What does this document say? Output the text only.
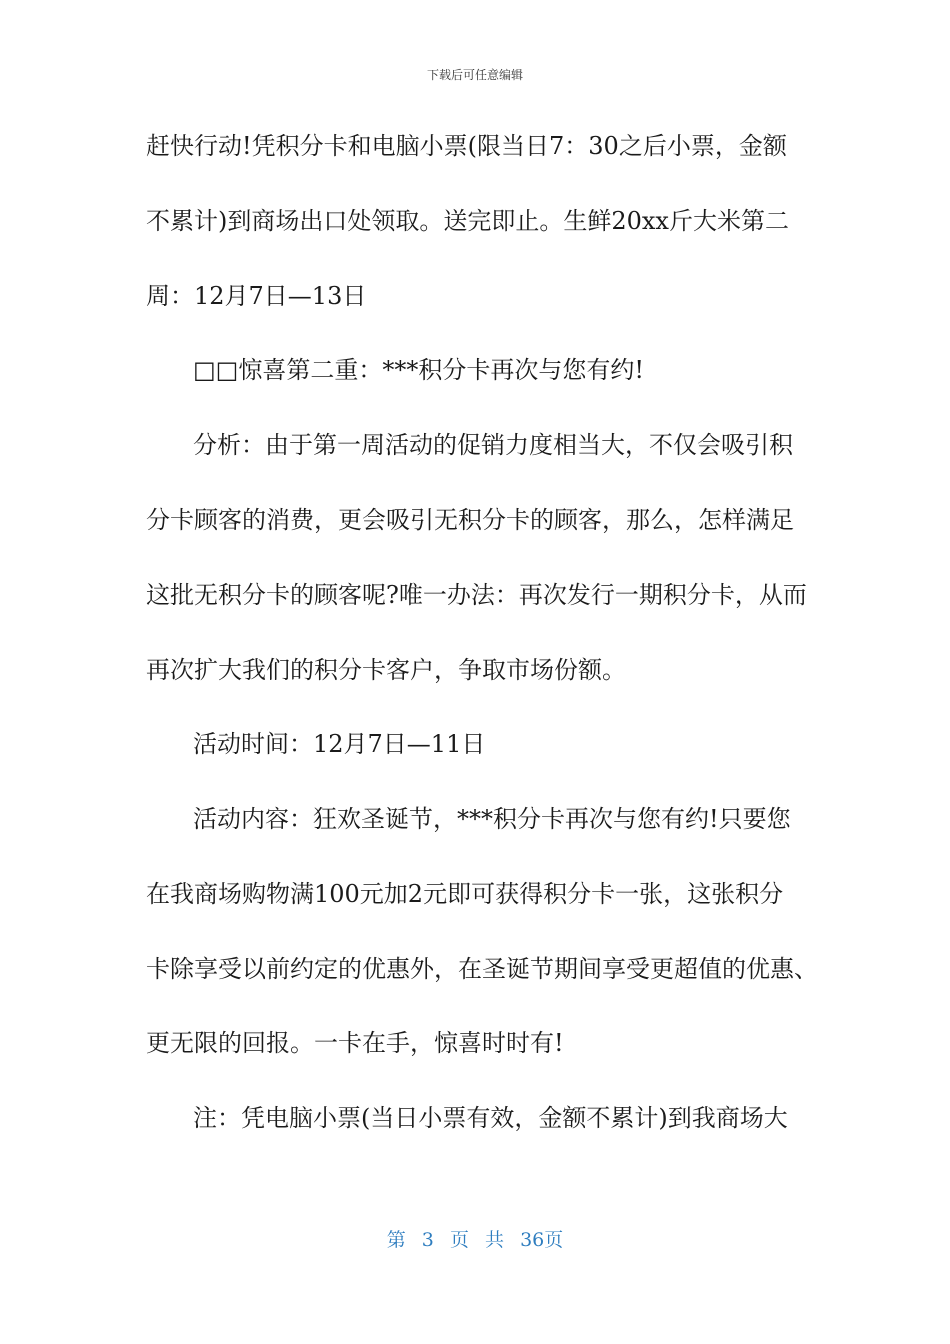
下载后可任意编辑
赶快行动!凭积分卡和电脑小票(限当日7：30之后小票，金额
不累计)到商场出口处领取。送完即止。生鲜20xx斤大米第二
周：12月7日—13日
□□惊喜第二重：***积分卡再次与您有约!
分析：由于第一周活动的促销力度相当大，不仅会吸引积
分卡顾客的消费，更会吸引无积分卡的顾客，那么，怎样满足
这批无积分卡的顾客呢?唯一办法：再次发行一期积分卡，从而
再次扩大我们的积分卡客户，争取市场份额。
活动时间：12月7日—11日
活动内容：狂欢圣诞节，***积分卡再次与您有约!只要您
在我商场购物满100元加2元即可获得积分卡一张，这张积分
卡除享受以前约定的优惠外，在圣诞节期间享受更超值的优惠、
更无限的回报。一卡在手，惊喜时时有!
注：凭电脑小票(当日小票有效，金额不累计)到我商场大
第 3 页 共 36页
